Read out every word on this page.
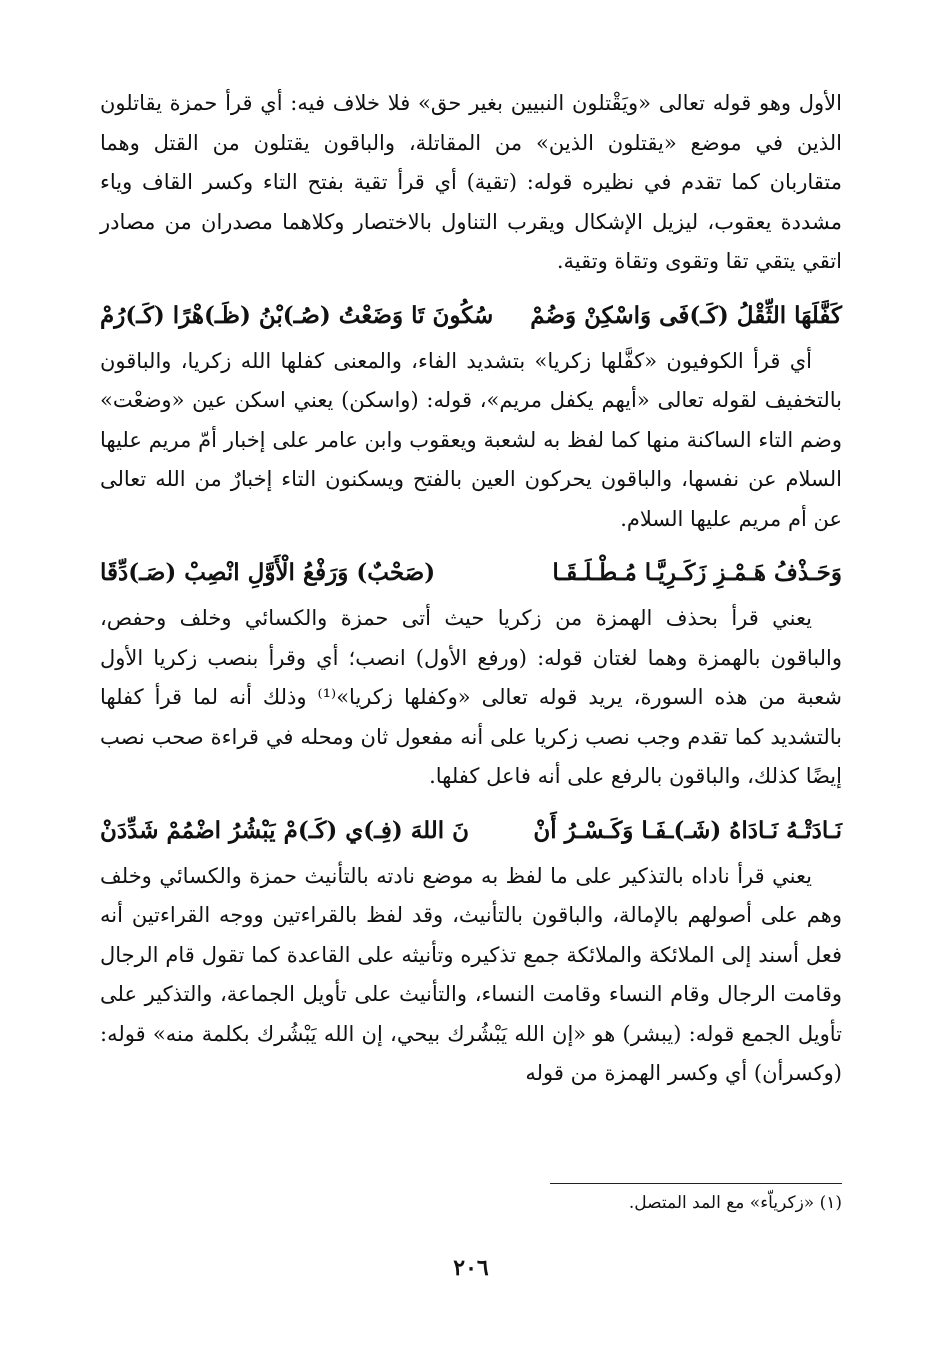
الأول وهو قوله تعالى «ويَقْتلون النبيين بغير حق» فلا خلاف فيه: أي قرأ حمزة يقاتلون الذين في موضع «يقتلون الذين» من المقاتلة، والباقون يقتلون من القتل وهما متقاربان كما تقدم في نظيره قوله: (تقية) أي قرأ تقية بفتح التاء وكسر القاف وياء مشددة يعقوب، ليزيل الإشكال ويقرب التناول بالاختصار وكلاهما مصدران من مصادر اتقي يتقي تقا وتقوى وتقاة وتقية.

كَفَّلَهَا الثِّقْلُ (كَـ)فَى وَاسْكِنْ وَضُمْ
سُكُونَ تَا وَضَعْتُ (صُـ)بْنُ (ظَـ)هْرًا (كَـ)رُمْ

أي قرأ الكوفيون «كفَّلها زكريا» بتشديد الفاء، والمعنى كفلها الله زكريا، والباقون بالتخفيف لقوله تعالى «أيهم يكفل مريم»، قوله: (واسكن) يعني اسكن عين «وضعْت» وضم التاء الساكنة منها كما لفظ به لشعبة ويعقوب وابن عامر على إخبار أمّ مريم عليها السلام عن نفسها، والباقون يحركون العين بالفتح ويسكنون التاء إخبارٌ من الله تعالى عن أم مريم عليها السلام.

وَحَـذْفُ هَـمْـزِ زَكَـرِيَّـا مُـطْـلَـقَـا
(صَحْبٌ) وَرَفْعُ الْأَوَّلِ انْصِبْ (صَـ)دِّقَا

يعني قرأ بحذف الهمزة من زكريا حيث أتى حمزة والكسائي وخلف وحفص، والباقون بالهمزة وهما لغتان قوله: (ورفع الأول) انصب؛ أي وقرأ بنصب زكريا الأول شعبة من هذه السورة، يريد قوله تعالى «وكفلها زكريا»⁽¹⁾ وذلك أنه لما قرأ كفلها بالتشديد كما تقدم وجب نصب زكريا على أنه مفعول ثان ومحله في قراءة صحب نصب إيضًا كذلك، والباقون بالرفع على أنه فاعل كفلها.

نَـادَتْـهُ نَـادَاهُ (شَـ)ـفَـا وَكَـسْـرُ أَنْ
نَ اللهَ (فِـ)ي (كَـ)مْ يَبْشُرُ اضْمُمْ شَدِّدَنْ

يعني قرأ ناداه بالتذكير على ما لفظ به موضع نادته بالتأنيث حمزة والكسائي وخلف وهم على أصولهم بالإمالة، والباقون بالتأنيث، وقد لفظ بالقراءتين ووجه القراءتين أنه فعل أسند إلى الملائكة والملائكة جمع تذكيره وتأنيثه على القاعدة كما تقول قام الرجال وقامت الرجال وقام النساء وقامت النساء، والتأنيث على تأويل الجماعة، والتذكير على تأويل الجمع قوله: (يبشر) هو «إن الله يَبْشُرك بيحي، إن الله يَبْشُرك بكلمة منه» قوله: (وكسرأن) أي وكسر الهمزة من قوله

(١) «زكرياّء» مع المد المتصل.
٢٠٦
